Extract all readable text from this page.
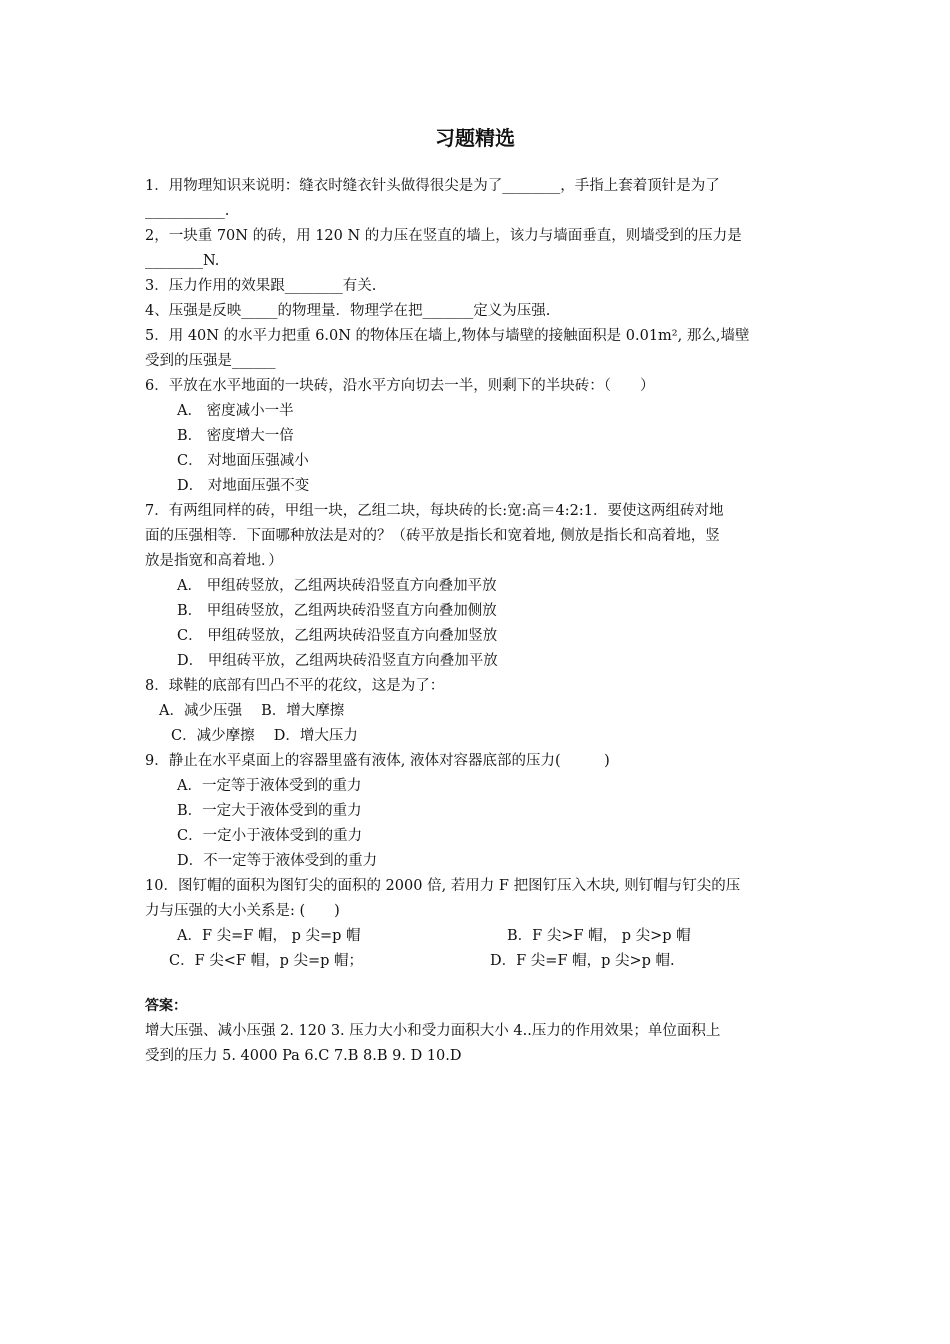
习题精选
1．用物理知识来说明：缝衣时缝衣针头做得很尖是为了________，手指上套着顶针是为了
___________.
2，一块重 70N 的砖，用 120 N 的力压在竖直的墙上，该力与墙面垂直，则墙受到的压力是
________N.
3．压力作用的效果跟________有关.
4、压强是反映_____的物理量．物理学在把_______定义为压强.
5．用 40N 的水平力把重 6.0N 的物体压在墙上,物体与墙壁的接触面积是 0.01m², 那么,墙壁
受到的压强是______
6．平放在水平地面的一块砖，沿水平方向切去一半，则剩下的半块砖：（　　）
A． 密度减小一半
B． 密度增大一倍
C． 对地面压强减小
D． 对地面压强不变
7．有两组同样的砖，甲组一块，乙组二块，每块砖的长:宽:高＝4:2:1．要使这两组砖对地
面的压强相等．下面哪种放法是对的？（砖平放是指长和宽着地, 侧放是指长和高着地，竖
放是指宽和高着地．）
A． 甲组砖竖放，乙组两块砖沿竖直方向叠加平放
B． 甲组砖竖放，乙组两块砖沿竖直方向叠加侧放
C． 甲组砖竖放，乙组两块砖沿竖直方向叠加竖放
D． 甲组砖平放，乙组两块砖沿竖直方向叠加平放
8．球鞋的底部有凹凸不平的花纹，这是为了：
A．减少压强　 B．增大摩擦
C．减少摩擦　 D．增大压力
9．静止在水平桌面上的容器里盛有液体, 液体对容器底部的压力(　　　)
A．一定等于液体受到的重力
B．一定大于液体受到的重力
C．一定小于液体受到的重力
D．不一定等于液体受到的重力
10．图钉帽的面积为图钉尖的面积的 2000 倍, 若用力 F 把图钉压入木块, 则钉帽与钉尖的压
力与压强的大小关系是: (　　)
A．F 尖=F 帽， p 尖=p 帽	B．F 尖>F 帽， p 尖>p 帽
C．F 尖<F 帽，p 尖=p 帽；	D．F 尖=F 帽，p 尖>p 帽.
答案：
增大压强、减小压强 2. 120 3. 压力大小和受力面积大小 4..压力的作用效果；单位面积上
受到的压力 5. 4000 Pa 6.C 7.B 8.B 9. D 10.D
